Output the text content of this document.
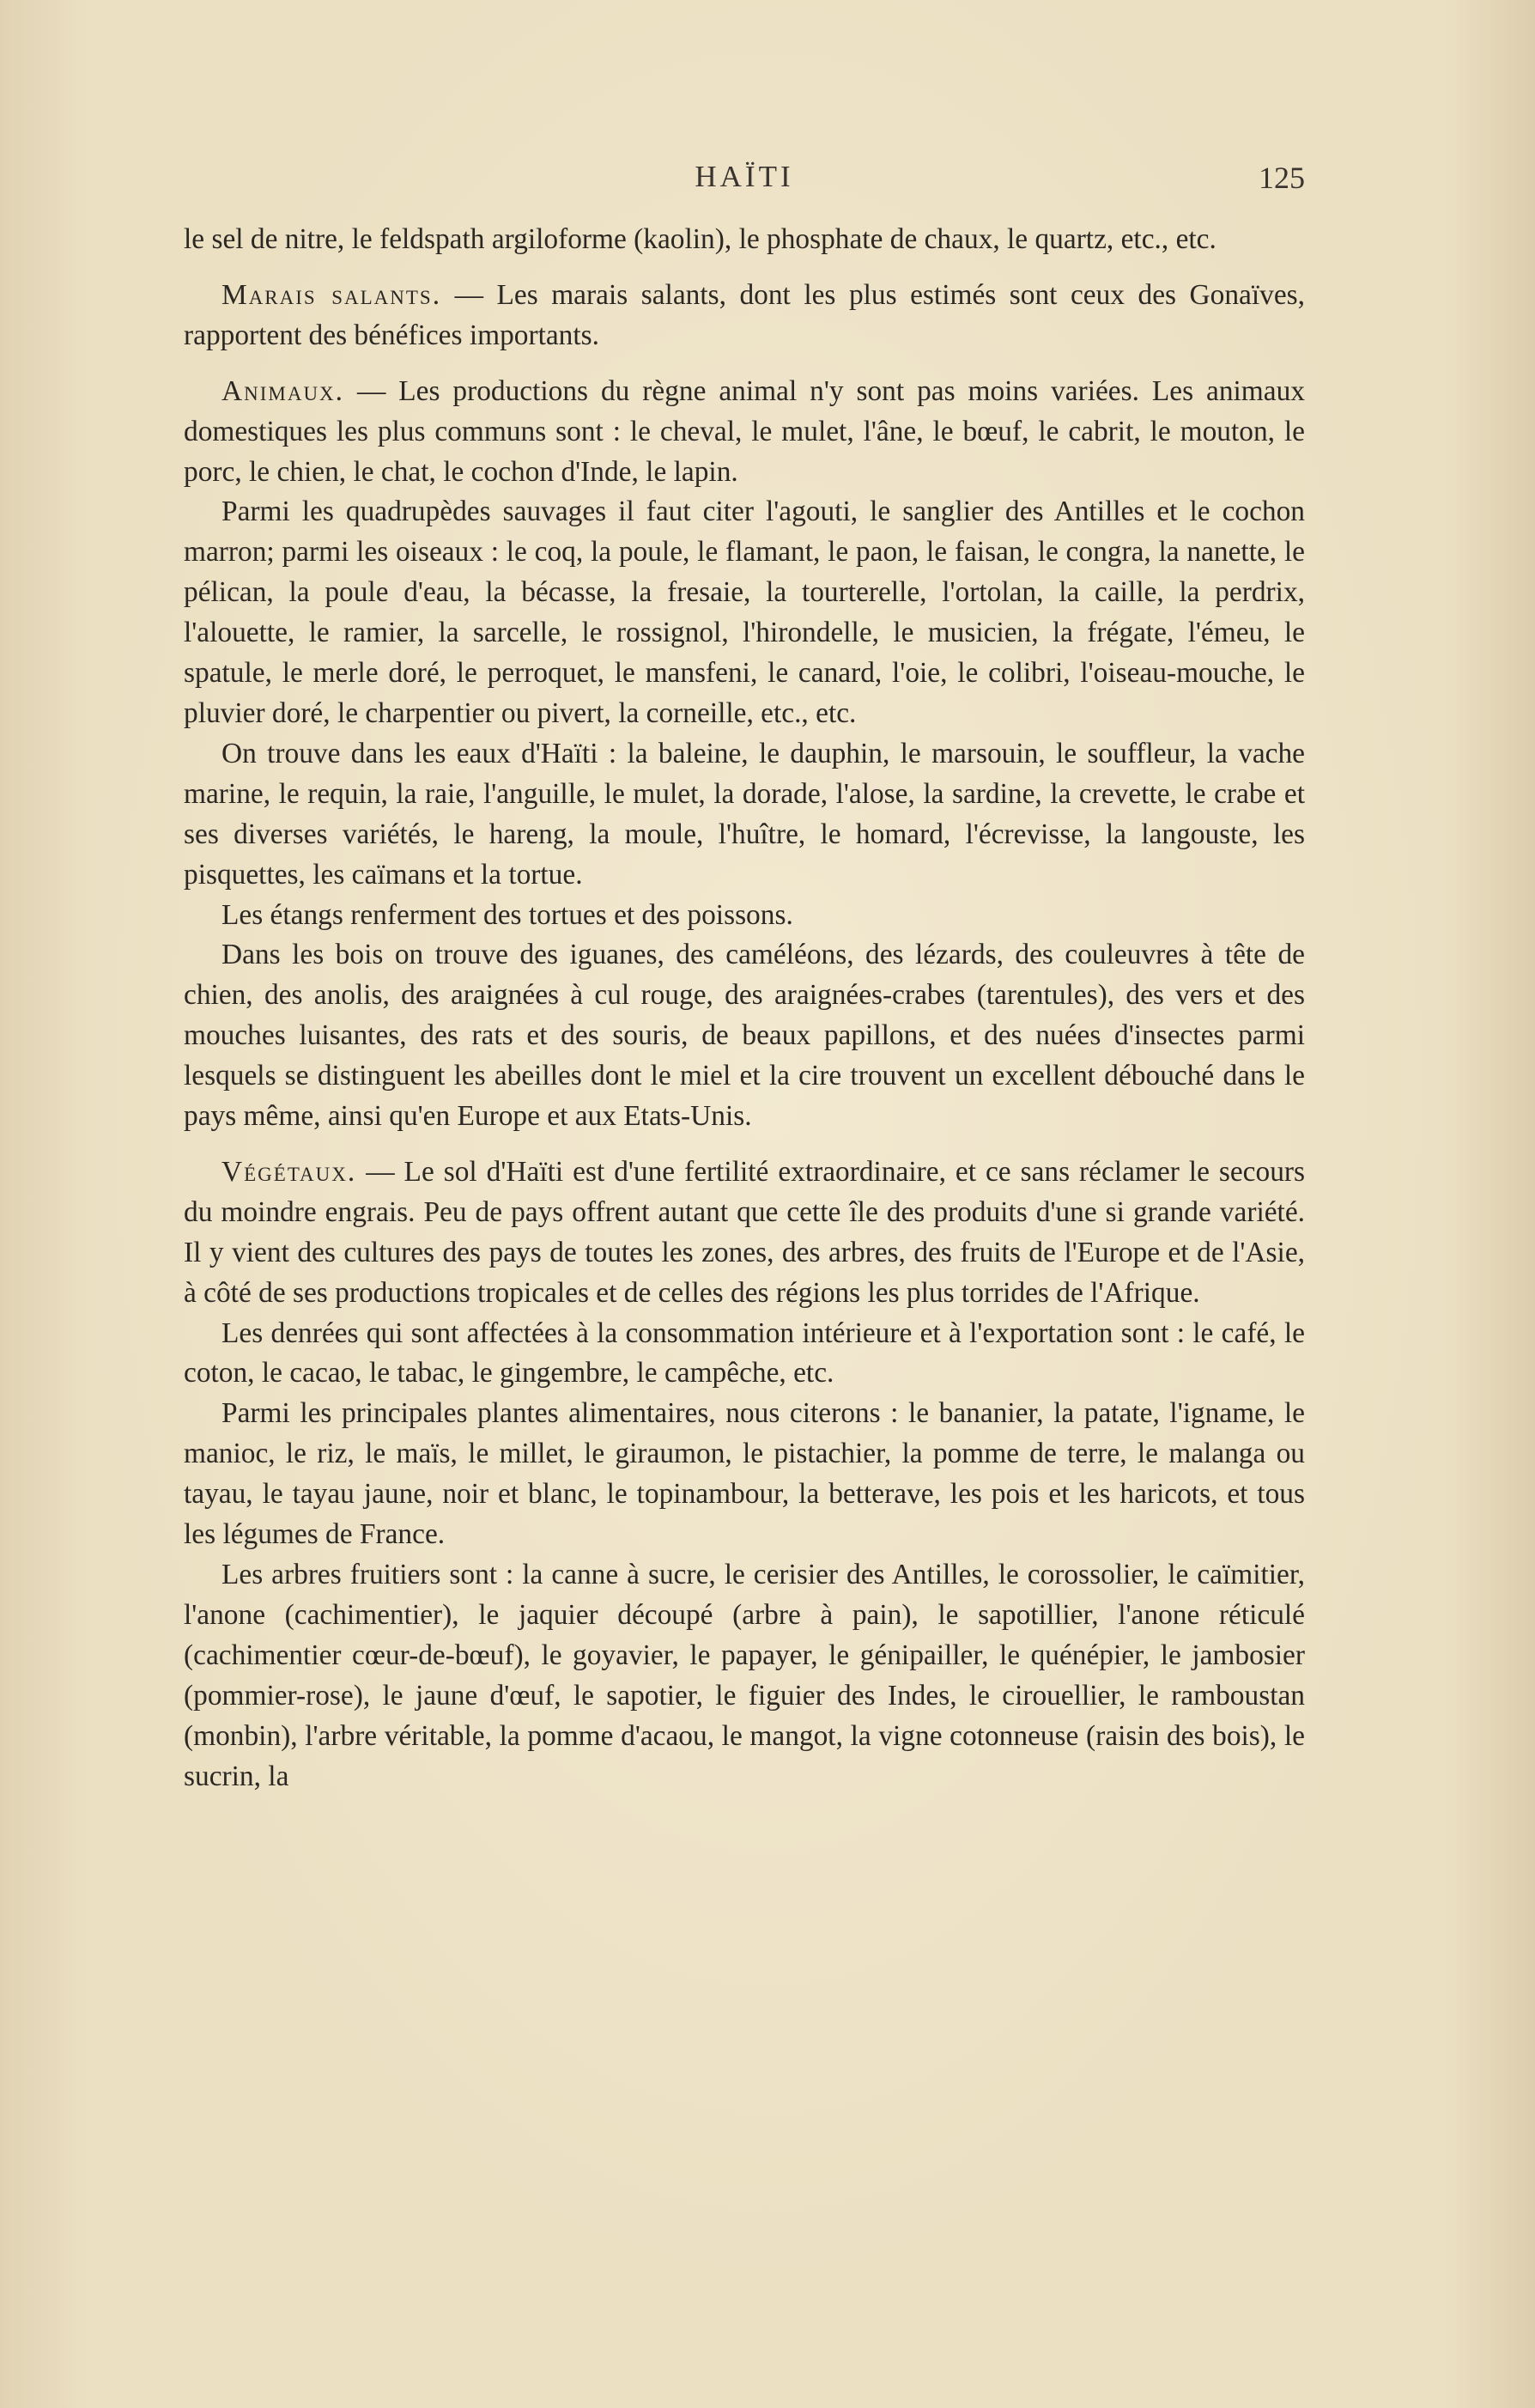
HAÏTI	125

le sel de nitre, le feldspath argiloforme (kaolin), le phosphate de chaux, le quartz, etc., etc.

Marais salants. — Les marais salants, dont les plus estimés sont ceux des Gonaïves, rapportent des bénéfices importants.

Animaux. — Les productions du règne animal n'y sont pas moins variées. Les animaux domestiques les plus communs sont : le cheval, le mulet, l'âne, le bœuf, le cabrit, le mouton, le porc, le chien, le chat, le cochon d'Inde, le lapin.

Parmi les quadrupèdes sauvages il faut citer l'agouti, le sanglier des Antilles et le cochon marron; parmi les oiseaux : le coq, la poule, le flamant, le paon, le faisan, le congra, la nanette, le pélican, la poule d'eau, la bécasse, la fresaie, la tourterelle, l'ortolan, la caille, la perdrix, l'alouette, le ramier, la sarcelle, le rossignol, l'hirondelle, le musicien, la frégate, l'émeu, le spatule, le merle doré, le perroquet, le mansfeni, le canard, l'oie, le colibri, l'oiseau-mouche, le pluvier doré, le charpentier ou pivert, la corneille, etc., etc.

On trouve dans les eaux d'Haïti : la baleine, le dauphin, le marsouin, le souffleur, la vache marine, le requin, la raie, l'anguille, le mulet, la dorade, l'alose, la sardine, la crevette, le crabe et ses diverses variétés, le hareng, la moule, l'huître, le homard, l'écrevisse, la langouste, les pisquettes, les caïmans et la tortue.

Les étangs renferment des tortues et des poissons.

Dans les bois on trouve des iguanes, des caméléons, des lézards, des couleuvres à tête de chien, des anolis, des araignées à cul rouge, des araignées-crabes (tarentules), des vers et des mouches luisantes, des rats et des souris, de beaux papillons, et des nuées d'insectes parmi lesquels se distinguent les abeilles dont le miel et la cire trouvent un excellent débouché dans le pays même, ainsi qu'en Europe et aux Etats-Unis.

Végétaux. — Le sol d'Haïti est d'une fertilité extraordinaire, et ce sans réclamer le secours du moindre engrais. Peu de pays offrent autant que cette île des produits d'une si grande variété. Il y vient des cultures des pays de toutes les zones, des arbres, des fruits de l'Europe et de l'Asie, à côté de ses productions tropicales et de celles des régions les plus torrides de l'Afrique.

Les denrées qui sont affectées à la consommation intérieure et à l'exportation sont : le café, le coton, le cacao, le tabac, le gingembre, le campêche, etc.

Parmi les principales plantes alimentaires, nous citerons : le bananier, la patate, l'igname, le manioc, le riz, le maïs, le millet, le giraumon, le pistachier, la pomme de terre, le malanga ou tayau, le tayau jaune, noir et blanc, le topinambour, la betterave, les pois et les haricots, et tous les légumes de France.

Les arbres fruitiers sont : la canne à sucre, le cerisier des Antilles, le corossolier, le caïmitier, l'anone (cachimentier), le jaquier découpé (arbre à pain), le sapotillier, l'anone réticulé (cachimentier cœur-de-bœuf), le goyavier, le papayer, le génipailler, le quénépier, le jambosier (pommier-rose), le jaune d'œuf, le sapotier, le figuier des Indes, le cirouellier, le ramboustan (monbin), l'arbre véritable, la pomme d'acaou, le mangot, la vigne cotonneuse (raisin des bois), le sucrin, la
